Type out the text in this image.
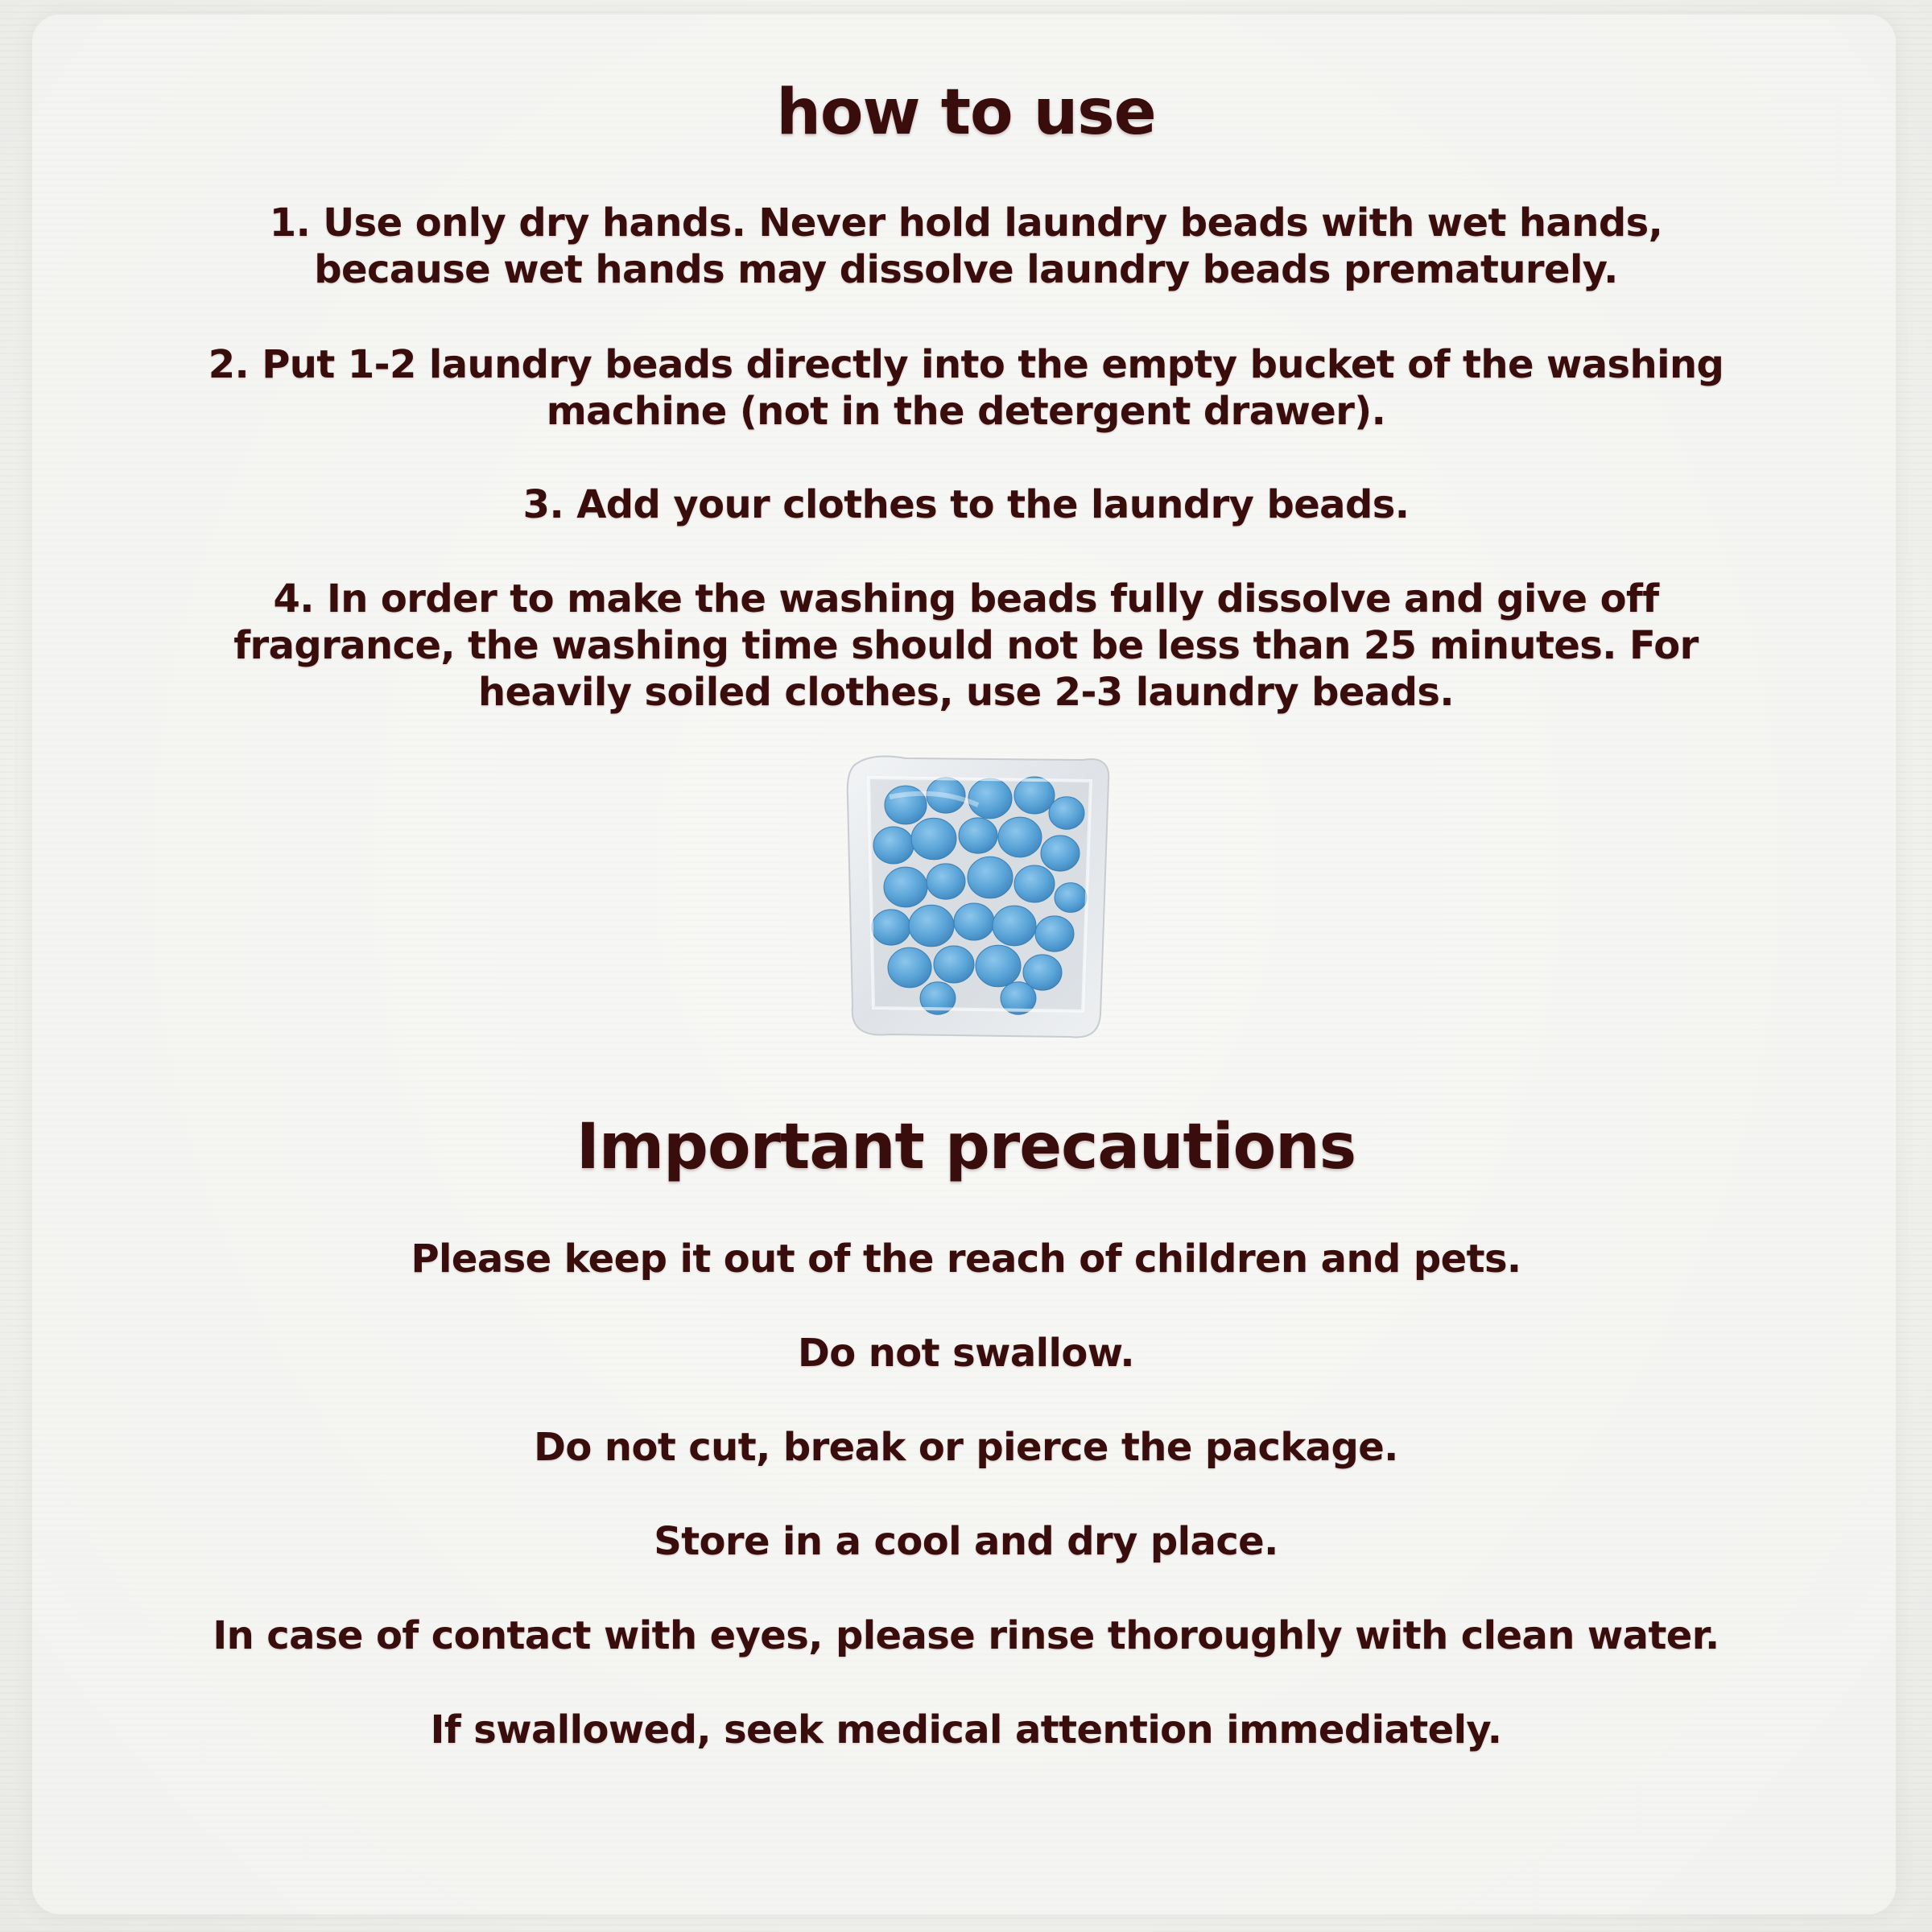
how to use

1. Use only dry hands. Never hold laundry beads with wet hands,
because wet hands may dissolve laundry beads prematurely.

2. Put 1-2 laundry beads directly into the empty bucket of the washing
machine (not in the detergent drawer).

3. Add your clothes to the laundry beads.

4. In order to make the washing beads fully dissolve and give off
fragrance, the washing time should not be less than 25 minutes. For
heavily soiled clothes, use 2-3 laundry beads.

Important precautions

Please keep it out of the reach of children and pets.

Do not swallow.

Do not cut, break or pierce the package.

Store in a cool and dry place.

In case of contact with eyes, please rinse thoroughly with clean water.

If swallowed, seek medical attention immediately.
